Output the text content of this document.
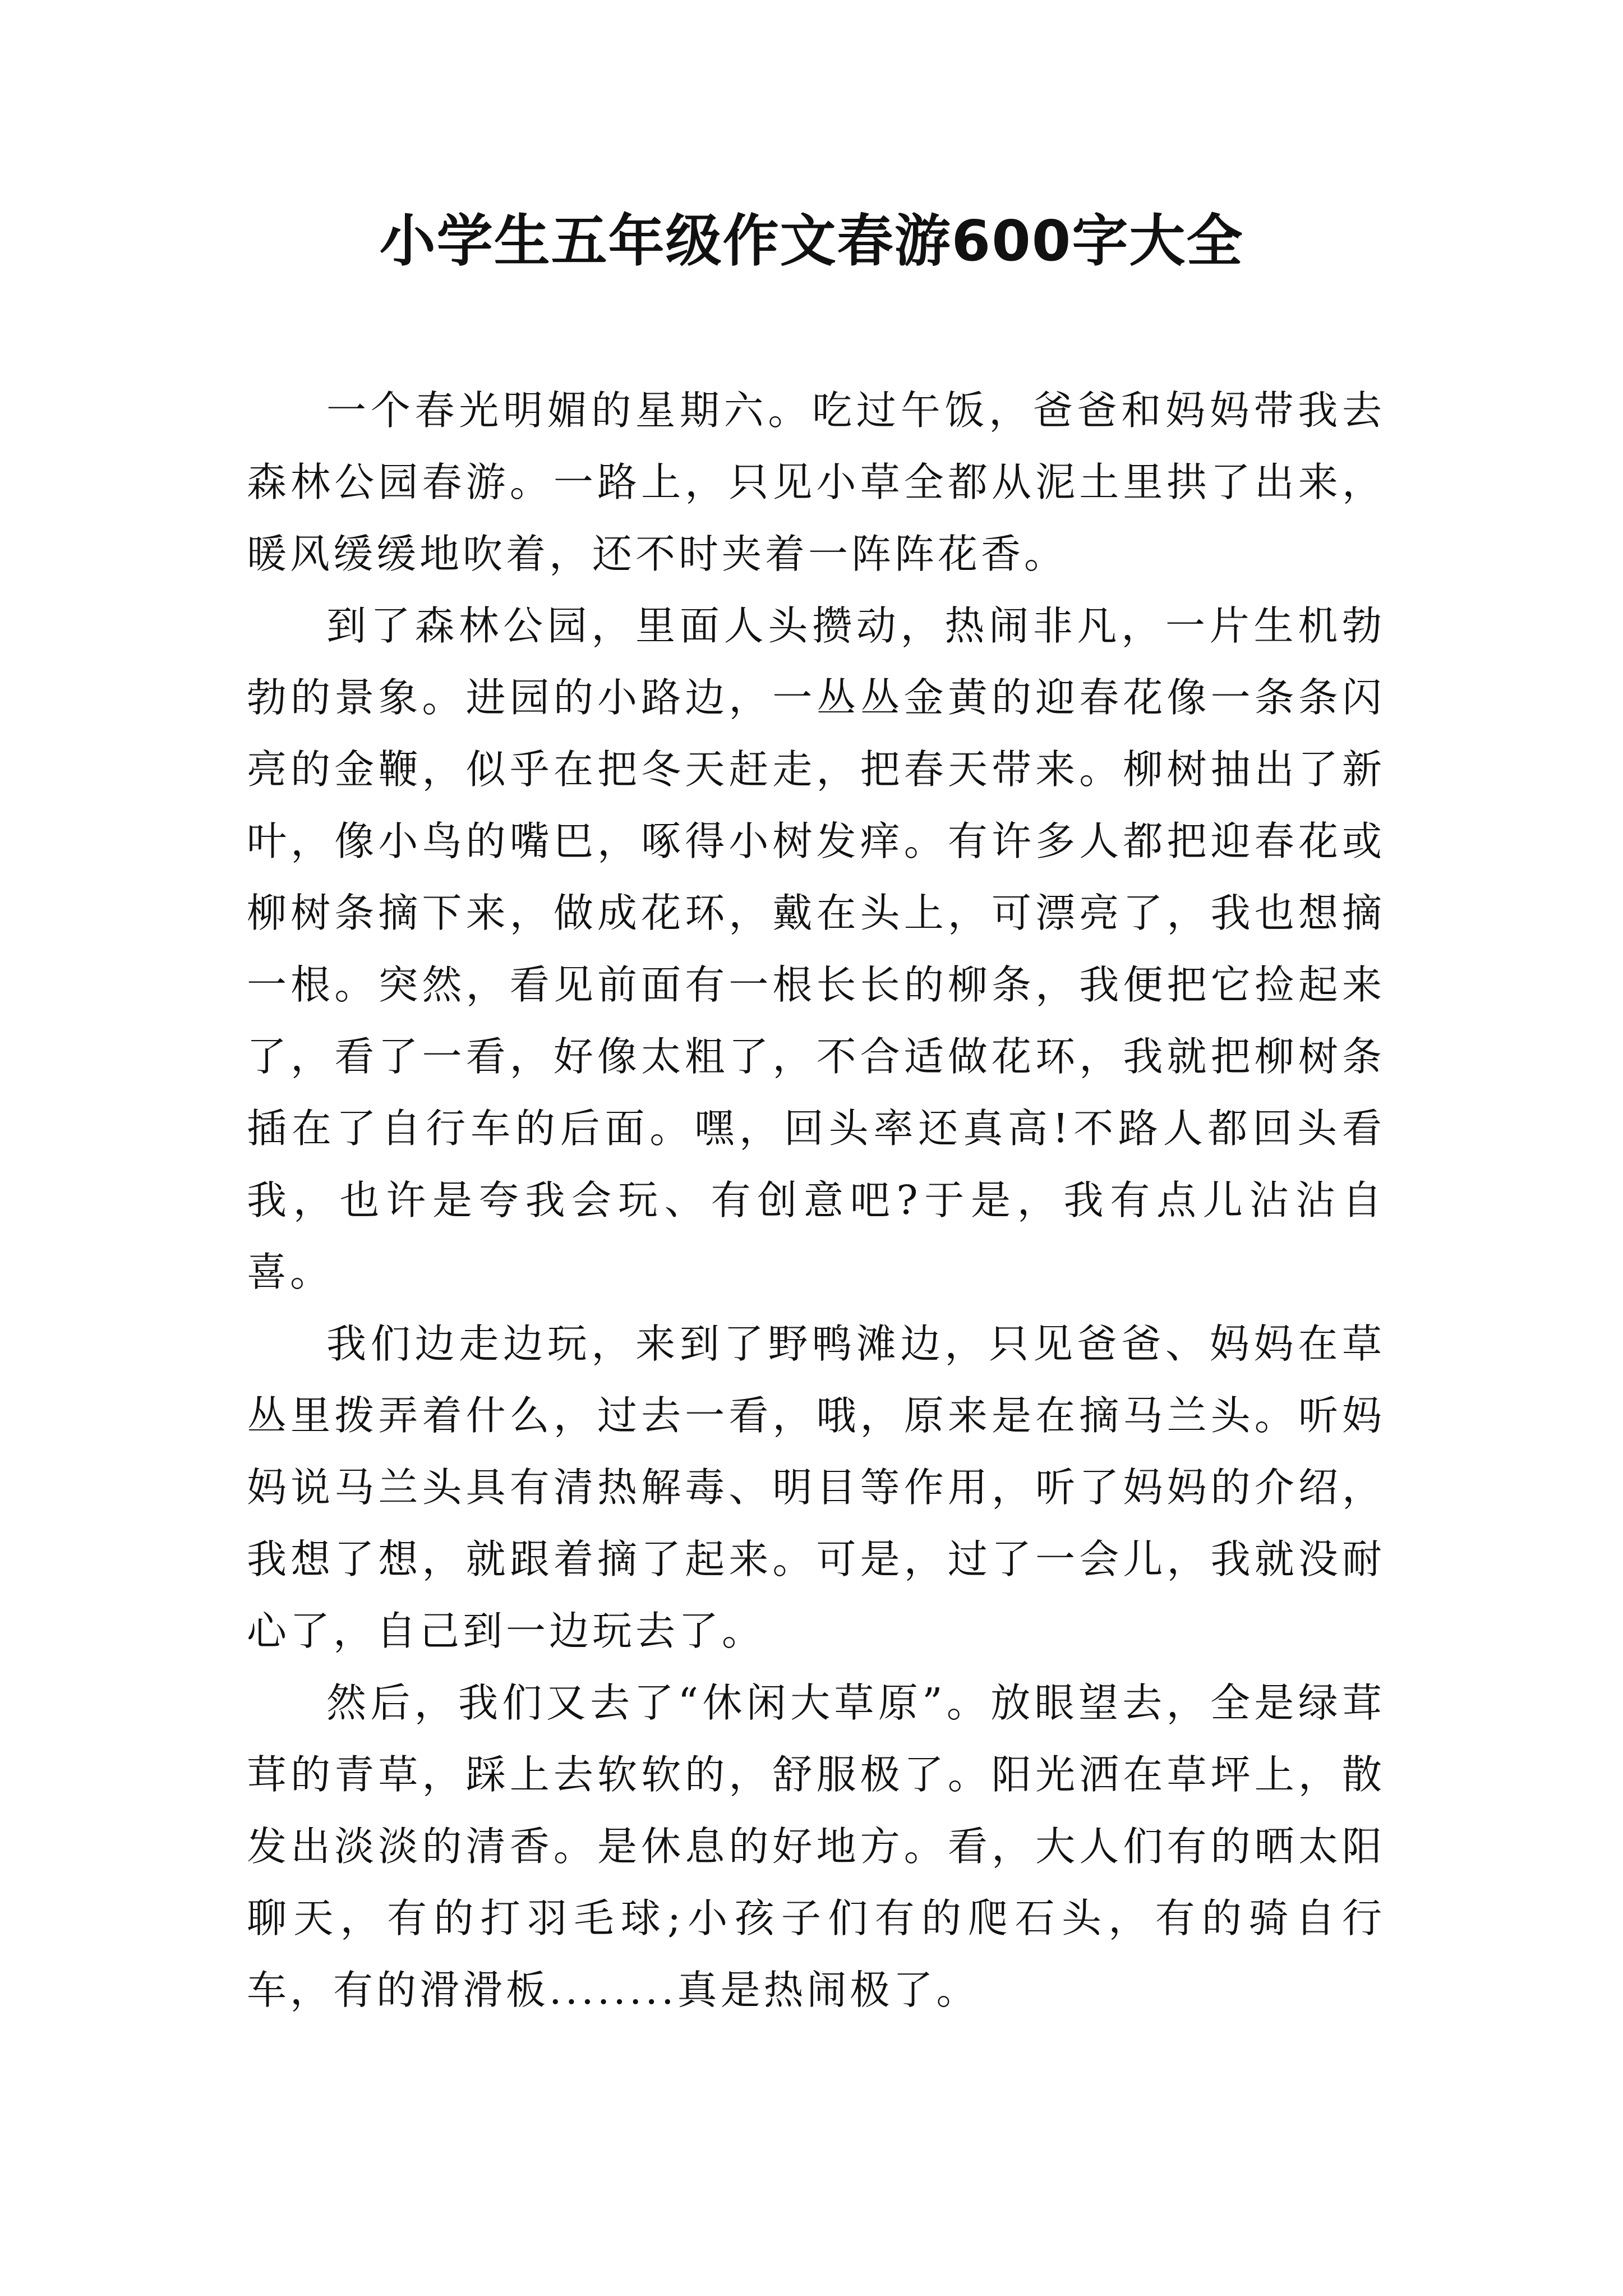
小学生五年级作文春游600字大全

一个春光明媚的星期六。吃过午饭，爸爸和妈妈带我去森林公园春游。一路上，只见小草全都从泥土里拱了出来，暖风缓缓地吹着，还不时夹着一阵阵花香。

到了森林公园，里面人头攒动，热闹非凡，一片生机勃勃的景象。进园的小路边，一丛丛金黄的迎春花像一条条闪亮的金鞭，似乎在把冬天赶走，把春天带来。柳树抽出了新叶，像小鸟的嘴巴，啄得小树发痒。有许多人都把迎春花或柳树条摘下来，做成花环，戴在头上，可漂亮了，我也想摘一根。突然，看见前面有一根长长的柳条，我便把它捡起来了，看了一看，好像太粗了，不合适做花环，我就把柳树条插在了自行车的后面。嘿，回头率还真高!不路人都回头看我，也许是夸我会玩、有创意吧?于是，我有点儿沾沾自喜。

我们边走边玩，来到了野鸭滩边，只见爸爸、妈妈在草丛里拨弄着什么，过去一看，哦，原来是在摘马兰头。听妈妈说马兰头具有清热解毒、明目等作用，听了妈妈的介绍，我想了想，就跟着摘了起来。可是，过了一会儿，我就没耐心了，自己到一边玩去了。

然后，我们又去了“休闲大草原”。放眼望去，全是绿茸茸的青草，踩上去软软的，舒服极了。阳光洒在草坪上，散发出淡淡的清香。是休息的好地方。看，大人们有的晒太阳聊天，有的打羽毛球;小孩子们有的爬石头，有的骑自行车，有的滑滑板........真是热闹极了。
